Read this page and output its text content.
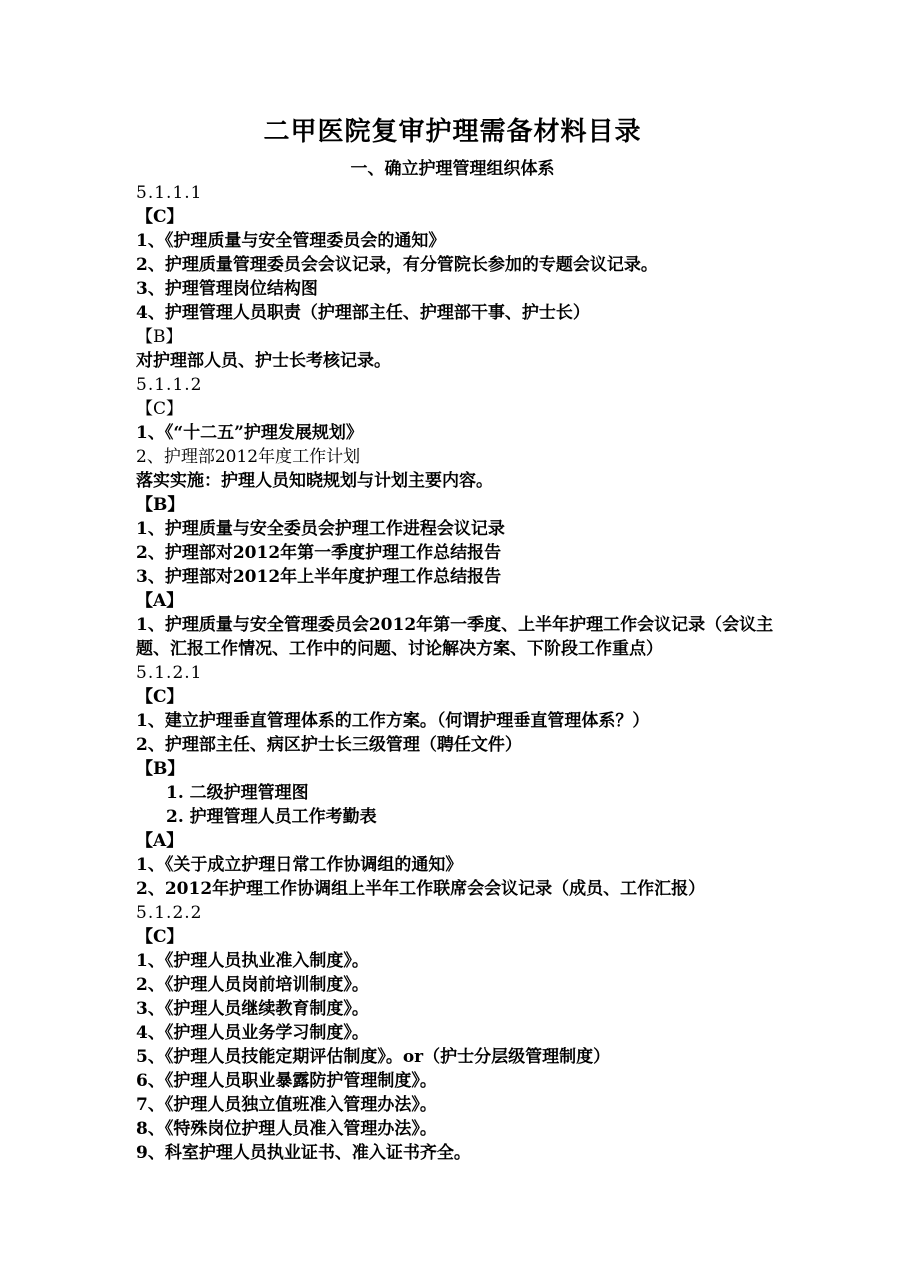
二甲医院复审护理需备材料目录
一、确立护理管理组织体系
5.1.1.1
【C】
1、《护理质量与安全管理委员会的通知》
2、护理质量管理委员会会议记录，有分管院长参加的专题会议记录。
3、护理管理岗位结构图
4、护理管理人员职责（护理部主任、护理部干事、护士长）
【B】
对护理部人员、护士长考核记录。
5.1.1.2
【C】
1、《“十二五”护理发展规划》
2、护理部2012年度工作计划
落实实施：护理人员知晓规划与计划主要内容。
【B】
1、护理质量与安全委员会护理工作进程会议记录
2、护理部对2012年第一季度护理工作总结报告
3、护理部对2012年上半年度护理工作总结报告
【A】
1、护理质量与安全管理委员会2012年第一季度、上半年护理工作会议记录（会议主题、汇报工作情况、工作中的问题、讨论解决方案、下阶段工作重点）
5.1.2.1
【C】
1、建立护理垂直管理体系的工作方案。（何谓护理垂直管理体系？）
2、护理部主任、病区护士长三级管理（聘任文件）
【B】
1. 二级护理管理图
2. 护理管理人员工作考勤表
【A】
1、《关于成立护理日常工作协调组的通知》
2、2012年护理工作协调组上半年工作联席会会议记录（成员、工作汇报）
5.1.2.2
【C】
1、《护理人员执业准入制度》。
2、《护理人员岗前培训制度》。
3、《护理人员继续教育制度》。
4、《护理人员业务学习制度》。
5、《护理人员技能定期评估制度》。or（护士分层级管理制度）
6、《护理人员职业暴露防护管理制度》。
7、《护理人员独立值班准入管理办法》。
8、《特殊岗位护理人员准入管理办法》。
9、科室护理人员执业证书、准入证书齐全。
